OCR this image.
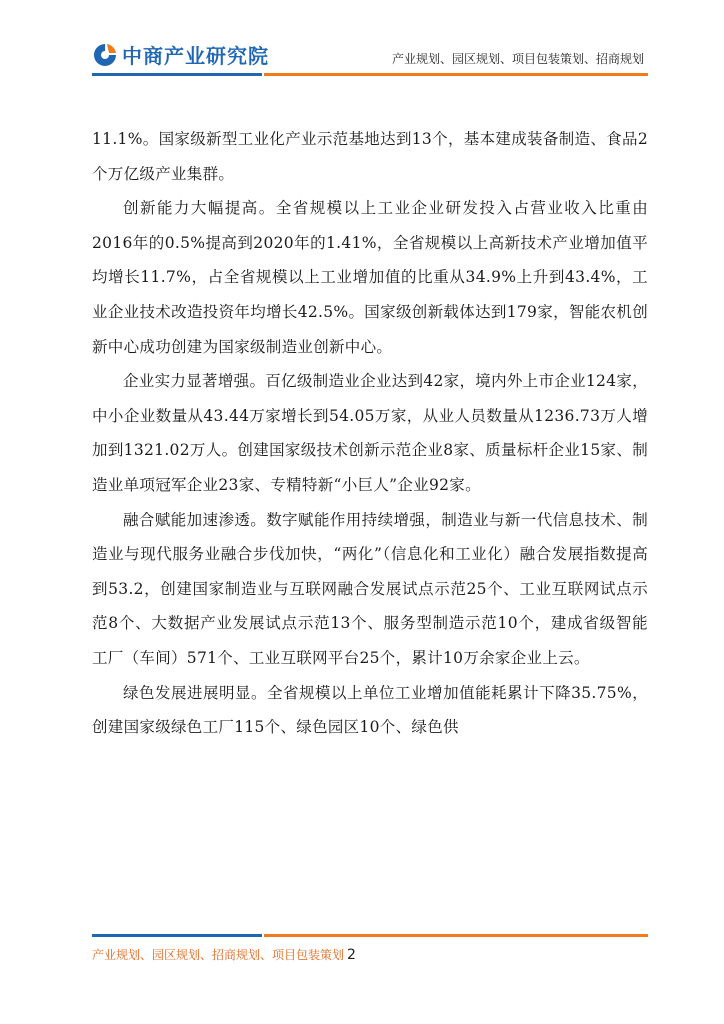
中商产业研究院	产业规划、园区规划、项目包装策划、招商规划

11.1%。国家级新型工业化产业示范基地达到13个，基本建成装备制造、食品2个万亿级产业集群。

创新能力大幅提高。全省规模以上工业企业研发投入占营业收入比重由2016年的0.5%提高到2020年的1.41%，全省规模以上高新技术产业增加值平均增长11.7%，占全省规模以上工业增加值的比重从34.9%上升到43.4%，工业企业技术改造投资年均增长42.5%。国家级创新载体达到179家，智能农机创新中心成功创建为国家级制造业创新中心。

企业实力显著增强。百亿级制造业企业达到42家，境内外上市企业124家，中小企业数量从43.44万家增长到54.05万家，从业人员数量从1236.73万人增加到1321.02万人。创建国家级技术创新示范企业8家、质量标杆企业15家、制造业单项冠军企业23家、专精特新“小巨人”企业92家。

融合赋能加速渗透。数字赋能作用持续增强，制造业与新一代信息技术、制造业与现代服务业融合步伐加快，“两化”（信息化和工业化）融合发展指数提高到53.2，创建国家制造业与互联网融合发展试点示范25个、工业互联网试点示范8个、大数据产业发展试点示范13个、服务型制造示范10个，建成省级智能工厂（车间）571个、工业互联网平台25个，累计10万余家企业上云。

绿色发展进展明显。全省规模以上单位工业增加值能耗累计下降35.75%，创建国家级绿色工厂115个、绿色园区10个、绿色供

产业规划、园区规划、招商规划、项目包装策划 2
